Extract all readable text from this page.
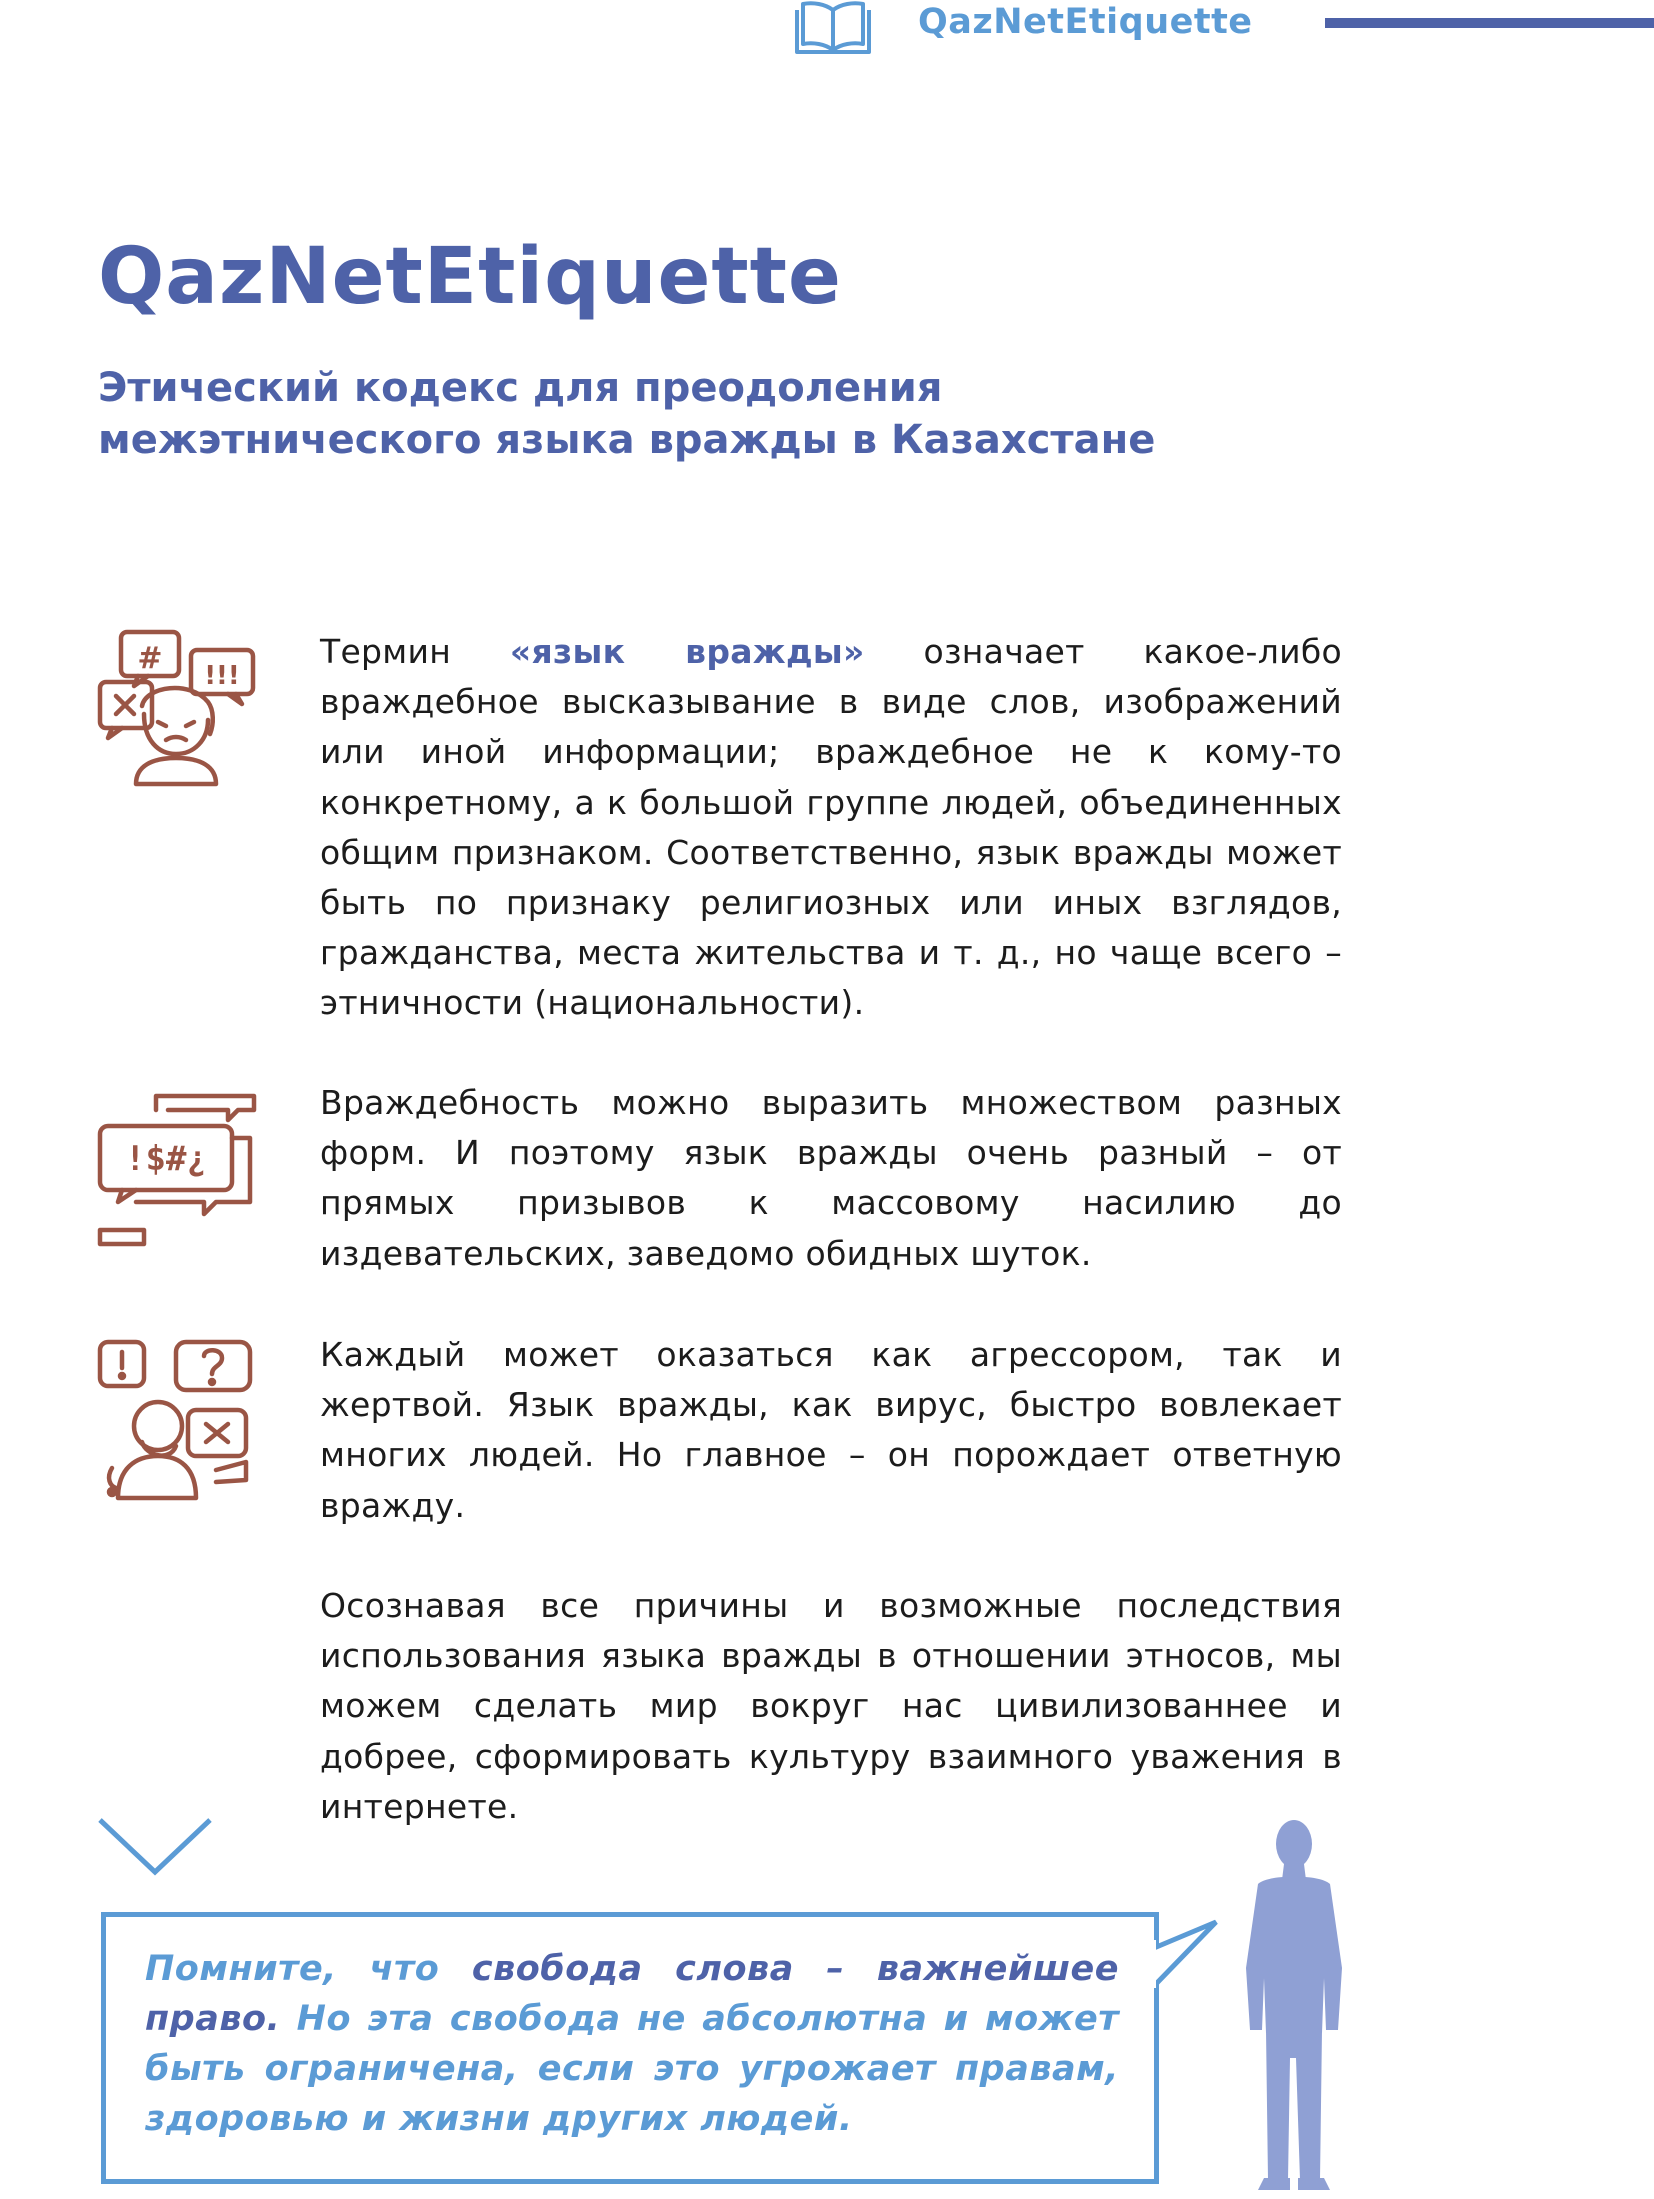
QazNetEtiquette
QazNetEtiquette
Этический кодекс для преодоления
межэтнического языка вражды в Казахстане
# !!!
Термин «язык вражды» означает какое-либо враждебное высказывание в виде слов, изображений или иной информации; враждебное не к кому-то конкретному, а к большой группе людей, объединенных общим признаком. Соответственно, язык вражды может быть по признаку религиозных или иных взглядов, гражданства, места жительства и т. д., но чаще всего – этничности (национальности).
!$#¿
Враждебность можно выразить множеством разных форм. И поэтому язык вражды очень разный – от прямых призывов к массовому насилию до издевательских, заведомо обидных шуток.
Каждый может оказаться как агрессором, так и жертвой. Язык вражды, как вирус, быстро вовлекает многих людей. Но главное – он порождает ответную вражду.
Осознавая все причины и возможные последствия использования языка вражды в отношении этносов, мы можем сделать мир вокруг нас цивилизованнее и добрее, сформировать культуру взаимного уважения в интернете.
Помните, что свобода слова – важнейшее право. Но эта свобода не абсолютна и может быть ограничена, если это угрожает правам, здоровью и жизни других людей.
